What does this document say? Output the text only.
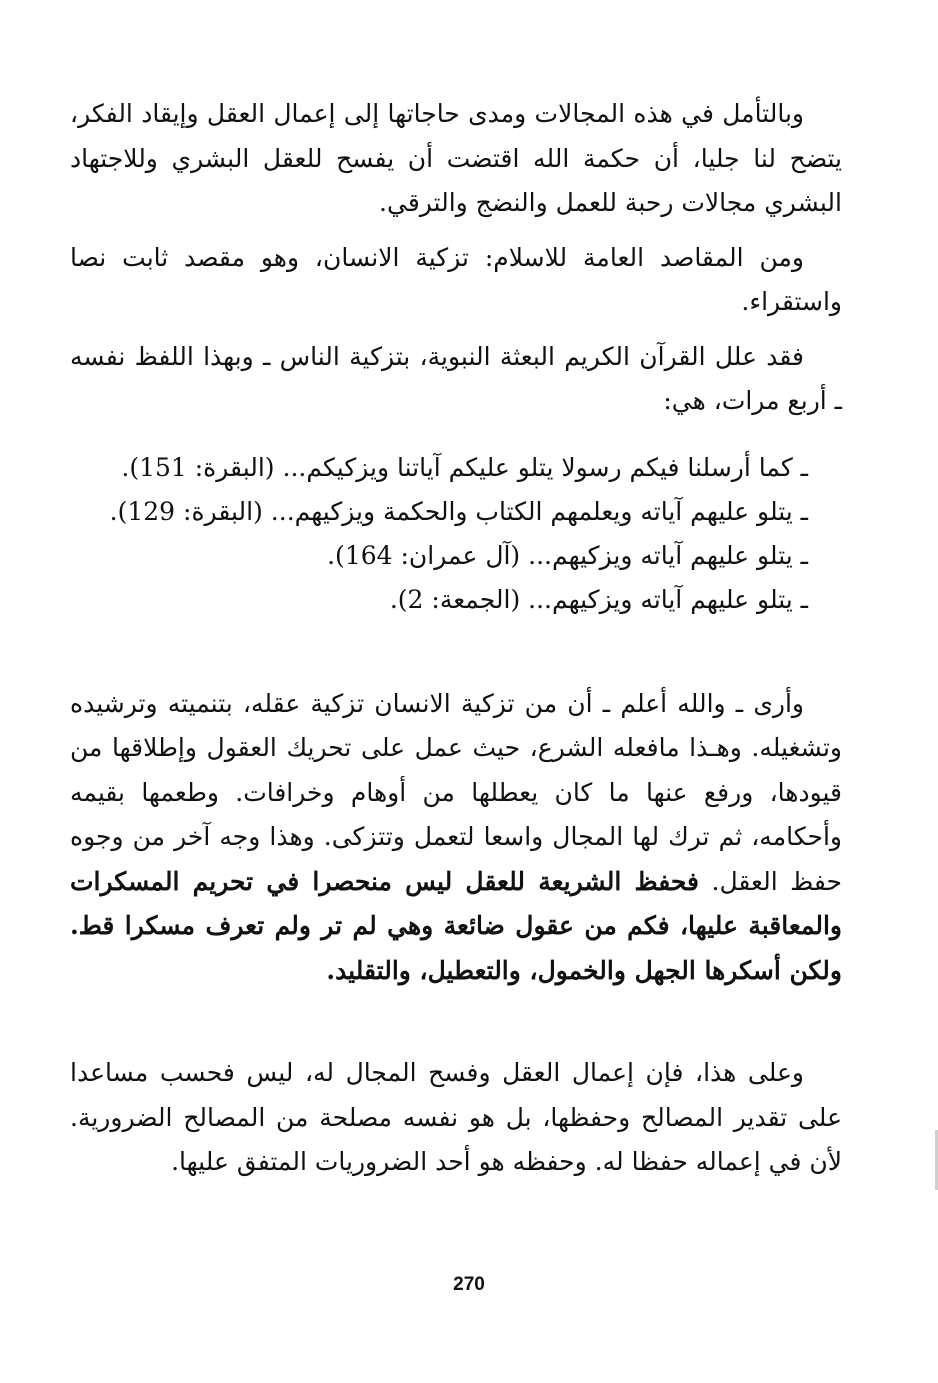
وبالتأمل في هذه المجالات ومدى حاجاتها إلى إعمال العقل وإيقاد الفكر، يتضح لنا جليا، أن حكمة الله اقتضت أن يفسح للعقل البشري وللاجتهاد البشري مجالات رحبة للعمل والنضج والترقي.

ومن المقاصد العامة للاسلام: تزكية الانسان، وهو مقصد ثابت نصا واستقراء.

فقد علل القرآن الكريم البعثة النبوية، بتزكية الناس ـ وبهذا اللفظ نفسه ـ أربع مرات، هي:

ـ كما أرسلنا فيكم رسولا يتلو عليكم آياتنا ويزكيكم... (البقرة: 151).
ـ يتلو عليهم آياته ويعلمهم الكتاب والحكمة ويزكيهم... (البقرة: 129).
ـ يتلو عليهم آياته ويزكيهم... (آل عمران: 164).
ـ يتلو عليهم آياته ويزكيهم... (الجمعة: 2).

وأرى ـ والله أعلم ـ أن من تزكية الانسان تزكية عقله، بتنميته وترشيده وتشغيله. وهـذا مافعله الشرع، حيث عمل على تحريك العقول وإطلاقها من قيودها، ورفع عنها ما كان يعطلها من أوهام وخرافات. وطعمها بقيمه وأحكامه، ثم ترك لها المجال واسعا لتعمل وتتزكى. وهذا وجه آخر من وجوه حفظ العقل. فحفظ الشريعة للعقل ليس منحصرا في تحريم المسكرات والمعاقبة عليها، فكم من عقول ضائعة وهي لم تر ولم تعرف مسكرا قط. ولكن أسكرها الجهل والخمول، والتعطيل، والتقليد.

وعلى هذا، فإن إعمال العقل وفسح المجال له، ليس فحسب مساعدا على تقدير المصالح وحفظها، بل هو نفسه مصلحة من المصالح الضرورية. لأن في إعماله حفظا له. وحفظه هو أحد الضروريات المتفق عليها.

270
